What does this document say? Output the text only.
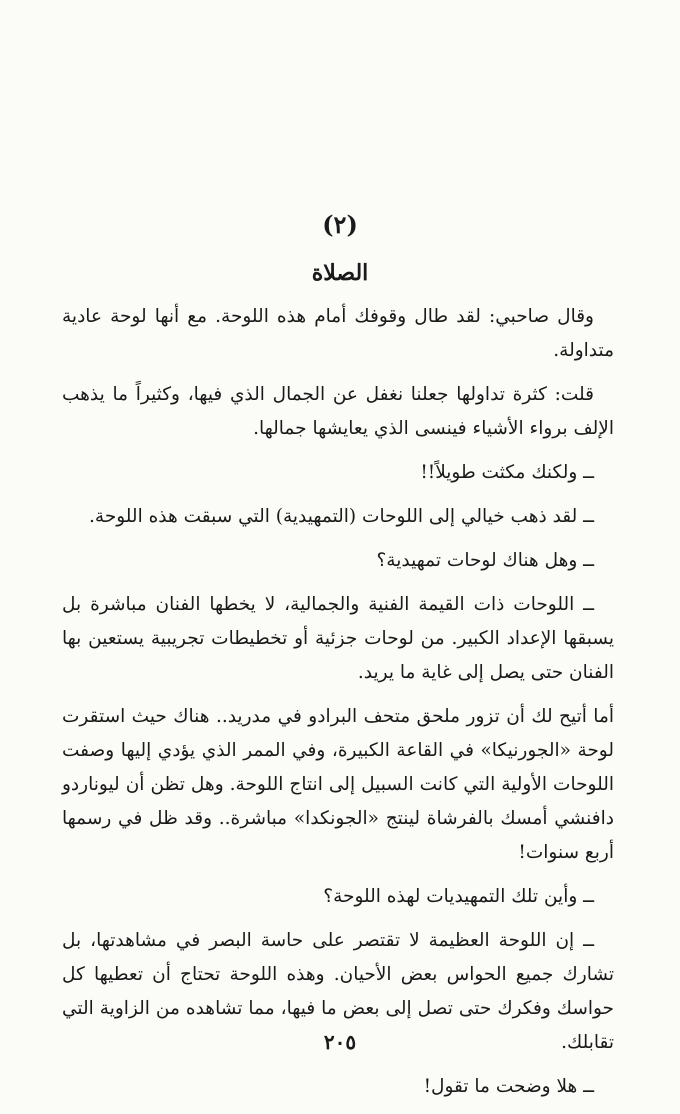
(٢)
الصلاة

وقال صاحبي: لقد طال وقوفك أمام هذه اللوحة. مع أنها لوحة عادية متداولة.

قلت: كثرة تداولها جعلنا نغفل عن الجمال الذي فيها، وكثيراً ما يذهب الإلف برواء الأشياء فينسى الذي يعايشها جمالها.

ــ ولكنك مكثت طويلاً!!

ــ لقد ذهب خيالي إلى اللوحات (التمهيدية) التي سبقت هذه اللوحة.

ــ وهل هناك لوحات تمهيدية؟

ــ اللوحات ذات القيمة الفنية والجمالية، لا يخطها الفنان مباشرة بل يسبقها الإعداد الكبير. من لوحات جزئية أو تخطيطات تجريبية يستعين بها الفنان حتى يصل إلى غاية ما يريد.

أما أتيح لك أن تزور ملحق متحف البرادو في مدريد.. هناك حيث استقرت لوحة «الجورنيكا» في القاعة الكبيرة، وفي الممر الذي يؤدي إليها وصفت اللوحات الأولية التي كانت السبيل إلى انتاج اللوحة. وهل تظن أن ليوناردو دافنشي أمسك بالفرشاة لينتج «الجونكدا» مباشرة.. وقد ظل في رسمها أربع سنوات!

ــ وأين تلك التمهيديات لهذه اللوحة؟

ــ إن اللوحة العظيمة لا تقتصر على حاسة البصر في مشاهدتها، بل تشارك جميع الحواس بعض الأحيان. وهذه اللوحة تحتاج أن تعطيها كل حواسك وفكرك حتى تصل إلى بعض ما فيها، مما تشاهده من الزاوية التي تقابلك.

ــ هلا وضحت ما تقول!

٢٠٥
